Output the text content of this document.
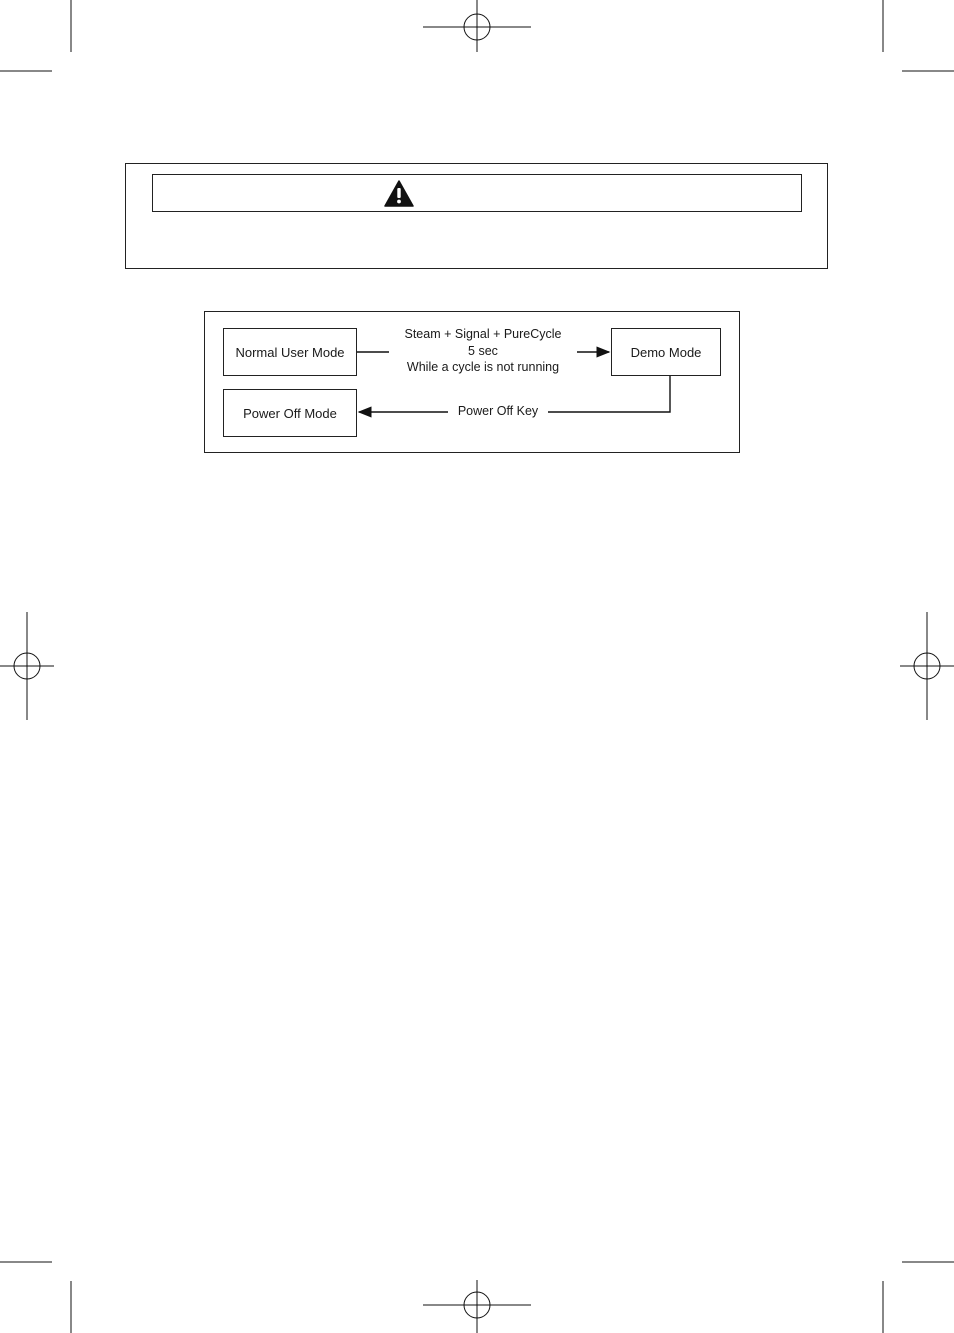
Normal User Mode	Demo Mode
Power Off Mode
Steam + Signal + PureCycle
5 sec
While a cycle is not running
Power Off Key
